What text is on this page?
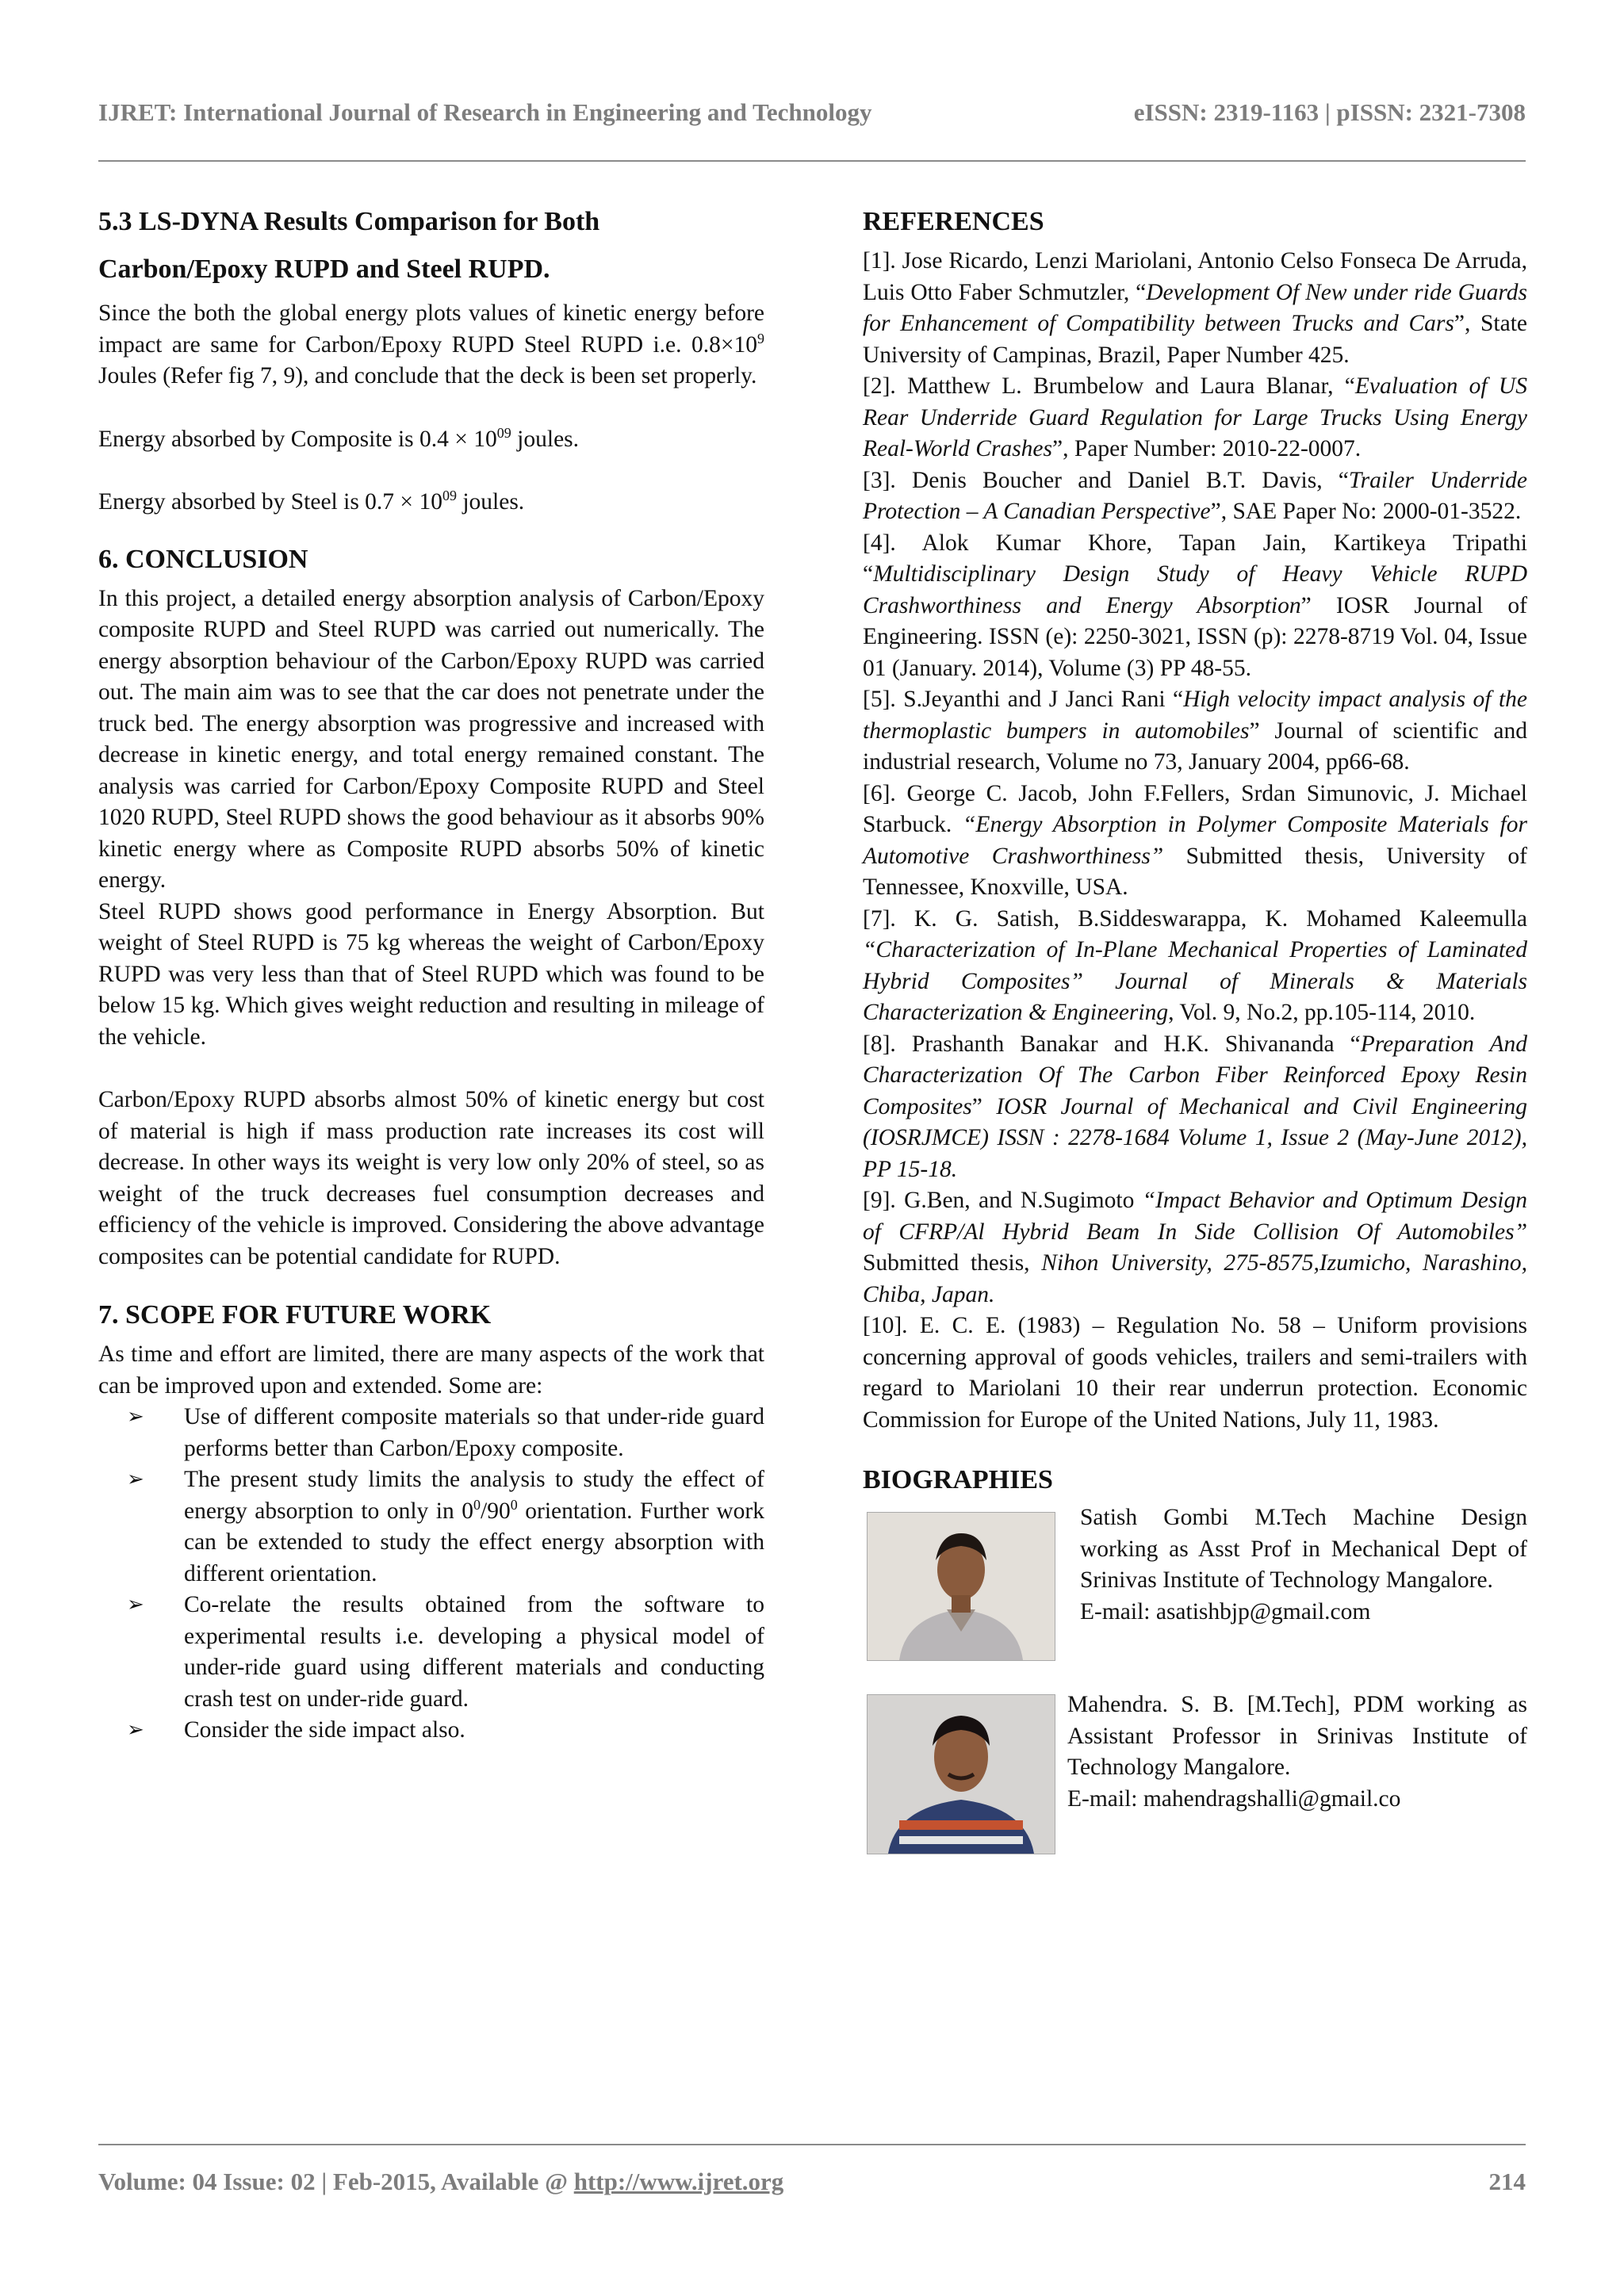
IJRET: International Journal of Research in Engineering and Technology	eISSN: 2319-1163 | pISSN: 2321-7308
5.3 LS-DYNA Results Comparison for Both
Carbon/Epoxy RUPD and Steel RUPD.

Since the both the global energy plots values of kinetic energy before impact are same for Carbon/Epoxy RUPD Steel RUPD i.e. $0.8\times 10^9$ Joules (Refer fig 7, 9), and conclude that the deck is been set properly.

Energy absorbed by Composite is $0.4 \times 10^{09}$ joules.

Energy absorbed by Steel is $0.7 \times 10^{09}$ joules.

6. CONCLUSION

In this project, a detailed energy absorption analysis of Carbon/Epoxy composite RUPD and Steel RUPD was carried out numerically. The energy absorption behaviour of the Carbon/Epoxy RUPD was carried out. The main aim was to see that the car does not penetrate under the truck bed. The energy absorption was progressive and increased with decrease in kinetic energy, and total energy remained constant. The analysis was carried for Carbon/Epoxy Composite RUPD and Steel 1020 RUPD, Steel RUPD shows the good behaviour as it absorbs 90% kinetic energy where as Composite RUPD absorbs 50% of kinetic energy.

Steel RUPD shows good performance in Energy Absorption. But weight of Steel RUPD is 75 kg whereas the weight of Carbon/Epoxy RUPD was very less than that of Steel RUPD which was found to be below 15 kg. Which gives weight reduction and resulting in mileage of the vehicle.

Carbon/Epoxy RUPD absorbs almost 50% of kinetic energy but cost of material is high if mass production rate increases its cost will decrease. In other ways its weight is very low only 20% of steel, so as weight of the truck decreases fuel consumption decreases and efficiency of the vehicle is improved. Considering the above advantage composites can be potential candidate for RUPD.

7. SCOPE FOR FUTURE WORK

As time and effort are limited, there are many aspects of the work that can be improved upon and extended. Some are:

➢ Use of different composite materials so that under-ride guard performs better than Carbon/Epoxy composite.
➢ The present study limits the analysis to study the effect of energy absorption to only in $0^0/90^0$ orientation. Further work can be extended to study the effect energy absorption with different orientation.
➢ Co-relate the results obtained from the software to experimental results i.e. developing a physical model of under-ride guard using different materials and conducting crash test on under-ride guard.
➢ Consider the side impact also.
REFERENCES

[1]. Jose Ricardo, Lenzi Mariolani, Antonio Celso Fonseca De Arruda, Luis Otto Faber Schmutzler, “Development Of New under ride Guards for Enhancement of Compatibility between Trucks and Cars”, State University of Campinas, Brazil, Paper Number 425.

[2]. Matthew L. Brumbelow and Laura Blanar, “Evaluation of US Rear Underride Guard Regulation for Large Trucks Using Energy Real-World Crashes”, Paper Number: 2010-22-0007.

[3]. Denis Boucher and Daniel B.T. Davis, “Trailer Underride Protection – A Canadian Perspective”, SAE Paper No: 2000-01-3522.

[4]. Alok Kumar Khore, Tapan Jain, Kartikeya Tripathi “Multidisciplinary Design Study of Heavy Vehicle RUPD Crashworthiness and Energy Absorption” IOSR Journal of Engineering. ISSN (e): 2250-3021, ISSN (p): 2278-8719 Vol. 04, Issue 01 (January. 2014), Volume (3) PP 48-55.

[5]. S.Jeyanthi and J Janci Rani “High velocity impact analysis of the thermoplastic bumpers in automobiles” Journal of scientific and industrial research, Volume no 73, January 2004, pp66-68.

[6]. George C. Jacob, John F.Fellers, Srdan Simunovic, J. Michael Starbuck. “Energy Absorption in Polymer Composite Materials for Automotive Crashworthiness” Submitted thesis, University of Tennessee, Knoxville, USA.

[7]. K. G. Satish, B.Siddeswarappa, K. Mohamed Kaleemulla “Characterization of In-Plane Mechanical Properties of Laminated Hybrid Composites” Journal of Minerals & Materials Characterization & Engineering, Vol. 9, No.2, pp.105-114, 2010.

[8]. Prashanth Banakar and H.K. Shivananda “Preparation And Characterization Of The Carbon Fiber Reinforced Epoxy Resin Composites” IOSR Journal of Mechanical and Civil Engineering (IOSRJMCE) ISSN : 2278-1684 Volume 1, Issue 2 (May-June 2012), PP 15-18.

[9]. G.Ben, and N.Sugimoto “Impact Behavior and Optimum Design of CFRP/Al Hybrid Beam In Side Collision Of Automobiles” Submitted thesis, Nihon University, 275-8575,Izumicho, Narashino, Chiba, Japan.

[10]. E. C. E. (1983) – Regulation No. 58 – Uniform provisions concerning approval of goods vehicles, trailers and semi-trailers with regard to Mariolani 10 their rear underrun protection. Economic Commission for Europe of the United Nations, July 11, 1983.

BIOGRAPHIES

Satish Gombi M.Tech Machine Design working as Asst Prof in Mechanical Dept of Srinivas Institute of Technology Mangalore.

E-mail: asatishbjp@gmail.com

Mahendra. S. B. [M.Tech], PDM working as Assistant Professor in Srinivas Institute of Technology Mangalore.

E-mail: mahendragshalli@gmail.co

Volume: 04 Issue: 02 | Feb-2015, Available @ http://www.ijret.org	214
